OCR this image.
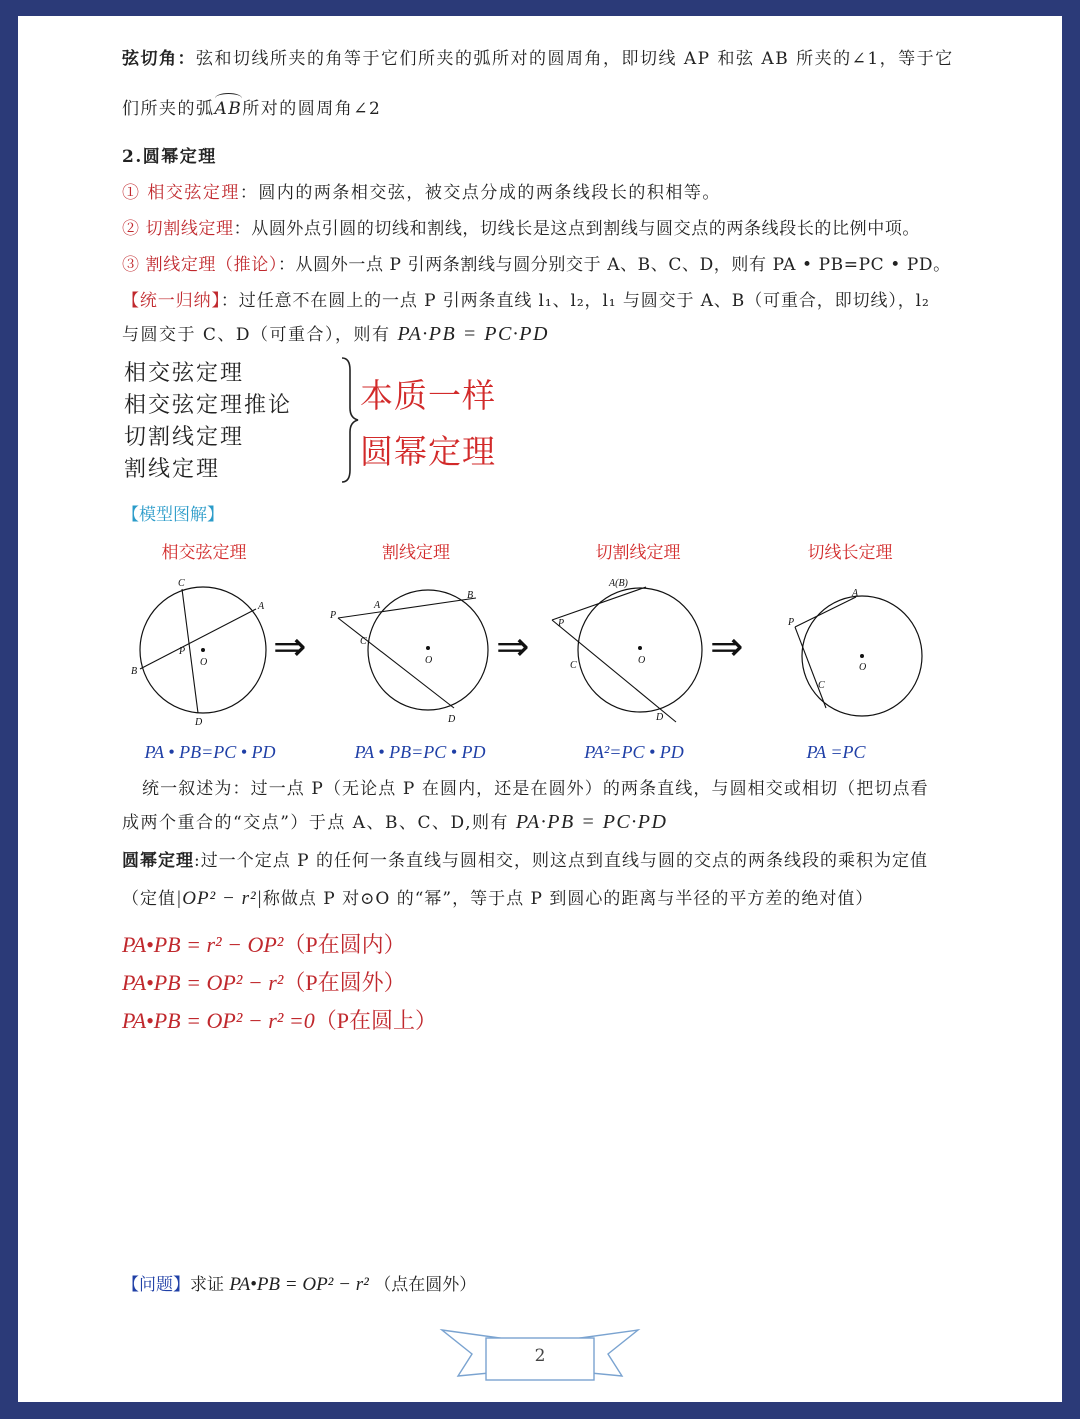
弦切角：弦和切线所夹的角等于它们所夹的弧所对的圆周角，即切线 AP 和弦 AB 所夹的∠1，等于它
们所夹的弧AB所对的圆周角∠2
2.圆幂定理
① 相交弦定理：圆内的两条相交弦，被交点分成的两条线段长的积相等。
② 切割线定理：从圆外点引圆的切线和割线，切线长是这点到割线与圆交点的两条线段长的比例中项。
③ 割线定理（推论）：从圆外一点 P 引两条割线与圆分别交于 A、B、C、D，则有 PA • PB=PC • PD。
【统一归纳】：过任意不在圆上的一点 P 引两条直线 l₁、l₂，l₁ 与圆交于 A、B（可重合，即切线），l₂
与圆交于 C、D（可重合），则有 PA·PB = PC·PD
相交弦定理
相交弦定理推论
切割线定理
割线定理
本质一样
圆幂定理
【模型图解】
相交弦定理	割线定理	切割线定理	切线长定理
C
A
B
P
O
D
⇒
P
A
B
C
O
D
⇒
P
A(B)
C	O
D
⇒
P
A
C
O
PA • PB=PC • PD	PA • PB=PC • PD	PA²=PC • PD	PA =PC
统一叙述为：过一点 P（无论点 P 在圆内，还是在圆外）的两条直线，与圆相交或相切（把切点看
成两个重合的“交点”）于点 A、B、C、D,则有 PA·PB = PC·PD
圆幂定理:过一个定点 P 的任何一条直线与圆相交，则这点到直线与圆的交点的两条线段的乘积为定值
（定值|OP² − r²|称做点 P 对⊙O 的“幂”，等于点 P 到圆心的距离与半径的平方差的绝对值）
PA•PB = r² − OP²（P在圆内）
PA•PB = OP² − r²（P在圆外）
PA•PB = OP² − r² =0（P在圆上）
【问题】求证 PA•PB = OP² − r² （点在圆外）
2
